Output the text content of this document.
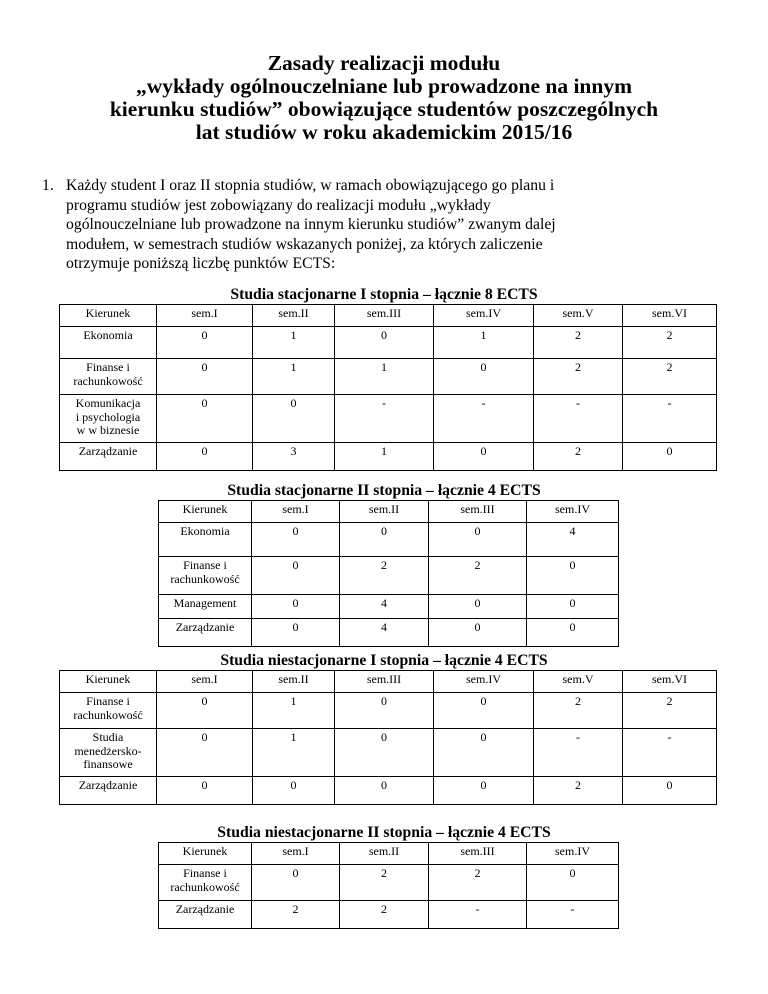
Zasady realizacji modułu
„wykłady ogólnouczelniane lub prowadzone na innym
kierunku studiów” obowiązujące studentów poszczególnych
lat studiów w roku akademickim 2015/16
1. Każdy student I oraz II stopnia studiów, w ramach obowiązującego go planu i
programu studiów jest zobowiązany do realizacji modułu „wykłady
ogólnouczelniane lub prowadzone na innym kierunku studiów” zwanym dalej
modułem, w semestrach studiów wskazanych poniżej, za których zaliczenie
otrzymuje poniższą liczbę punktów ECTS:
Studia stacjonarne I stopnia – łącznie 8 ECTS
Kierunek	sem.I	sem.II	sem.III	sem.IV	sem.V	sem.VI

Ekonomia	0	1	0	1	2	2

Finanse i
rachunkowość	0	1	1	0	2	2

Komunikacja
i psychologia
w w biznesie	0	0	-	-	-	-

Zarządzanie	0	3	1	0	2	0
Studia stacjonarne II stopnia – łącznie 4 ECTS
Kierunek	sem.I	sem.II	sem.III	sem.IV

Ekonomia	0	0	0	4

Finanse i
rachunkowość	0	2	2	0

Management	0	4	0	0

Zarządzanie	0	4	0	0
Studia niestacjonarne I stopnia – łącznie 4 ECTS
Kierunek	sem.I	sem.II	sem.III	sem.IV	sem.V	sem.VI

Finanse i
rachunkowość	0	1	0	0	2	2

Studia
menedżersko-
finansowe	0	1	0	0	-	-

Zarządzanie	0	0	0	0	2	0
Studia niestacjonarne II stopnia – łącznie 4 ECTS
Kierunek	sem.I	sem.II	sem.III	sem.IV

Finanse i
rachunkowość	0	2	2	0

Zarządzanie	2	2	-	-
